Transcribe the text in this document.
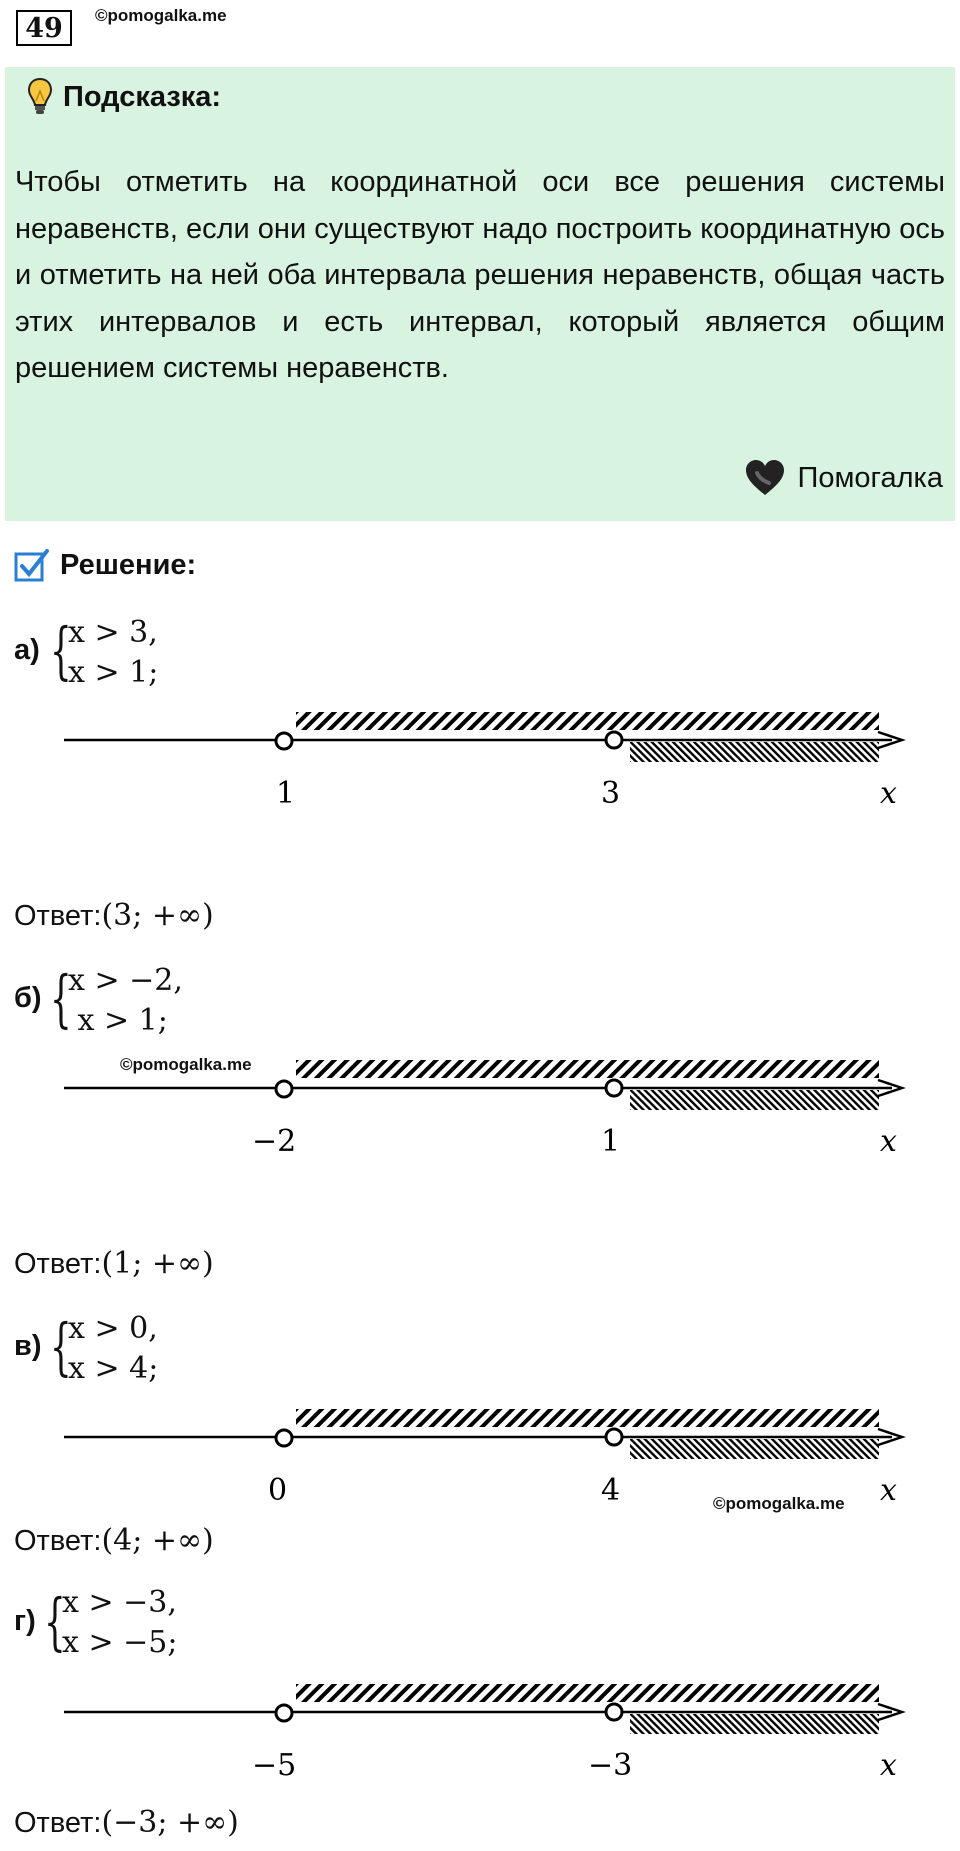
49	©pomogalka.me
Подсказка:

Чтобы отметить на координатной оси все решения системы неравенств, если они существуют надо построить координатную ось и отметить на ней оба интервала решения неравенств, общая часть этих интервалов и есть интервал, который является общим решением системы неравенств.

Помогалка
Решение:
а) {
x > 3,
x > 1;
1	3	x
Ответ: (3; +∞)
б) {
x > −2,
x > 1;
©pomogalka.me
−2	1	x
Ответ: (1; +∞)
в) {
x > 0,
x > 4;
0	4	x
©pomogalka.me
Ответ: (4; +∞)
г) {
x > −3,
x > −5;
−5	−3	x
Ответ: (−3; +∞)
